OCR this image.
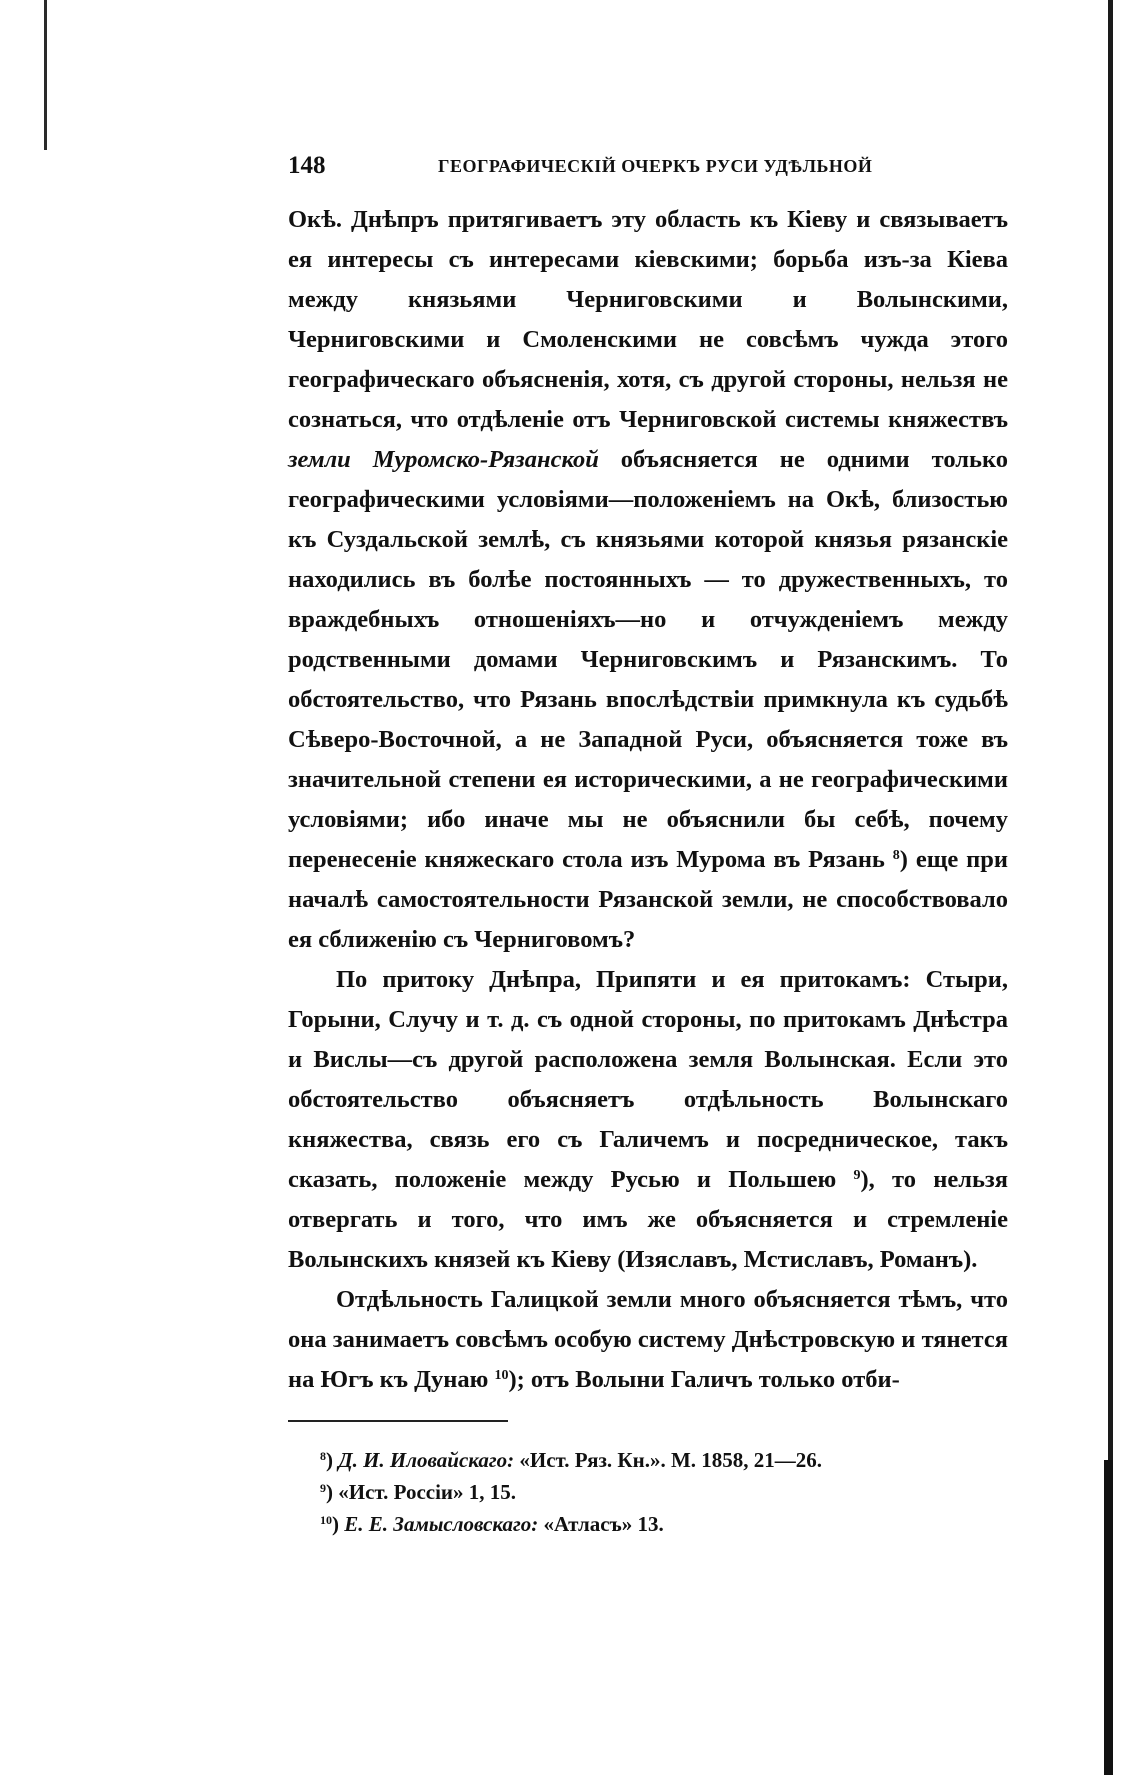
148	ГЕОГРАФИЧЕСКІЙ ОЧЕРКЪ РУСИ УДѢЛЬНОЙ

Окѣ. Днѣпръ притягиваетъ эту область къ Кіеву и связываетъ ея интересы съ интересами кіевскими; борьба изъ-за Кіева между князьями Черниговскими и Волынскими, Черниговскими и Смоленскими не совсѣмъ чужда этого географическаго объясненія, хотя, съ другой стороны, нельзя не сознаться, что отдѣленіе отъ Черниговской системы княжествъ земли Муромско-Рязанской объясняется не одними только географическими условіями—положеніемъ на Окѣ, близостью къ Суздальской землѣ, съ князьями которой князья рязанскіе находились въ болѣе постоянныхъ — то дружественныхъ, то враждебныхъ отношеніяхъ—но и отчужденіемъ между родственными домами Черниговскимъ и Рязанскимъ. То обстоятельство, что Рязань впослѣдствіи примкнула къ судьбѣ Сѣверо-Восточной, а не Западной Руси, объясняется тоже въ значительной степени ея историческими, а не географическими условіями; ибо иначе мы не объяснили бы себѣ, почему перенесеніе княжескаго стола изъ Мурома въ Рязань $^8$) еще при началѣ самостоятельности Рязанской земли, не способствовало ея сближенію съ Черниговомъ?

По притоку Днѣпра, Припяти и ея притокамъ: Стыри, Горыни, Случу и т. д. съ одной стороны, по притокамъ Днѣстра и Вислы—съ другой расположена земля Волынская. Если это обстоятельство объясняетъ отдѣльность Волынскаго княжества, связь его съ Галичемъ и посредническое, такъ сказать, положеніе между Русью и Польшею $^9$), то нельзя отвергать и того, что имъ же объясняется и стремленіе Волынскихъ князей къ Кіеву (Изяславъ, Мстиславъ, Романъ).

Отдѣльность Галицкой земли много объясняется тѣмъ, что она занимаетъ совсѣмъ особую систему Днѣстровскую и тянется на Югъ къ Дунаю $^{10}$); отъ Волыни Галичъ только отби-

$^8$) Д. И. Иловайскаго: «Ист. Ряз. Кн.». М. 1858, 21—26.

$^9$) «Ист. Россіи» 1, 15.

$^{10}$) Е. Е. Замысловскаго: «Атласъ» 13.
